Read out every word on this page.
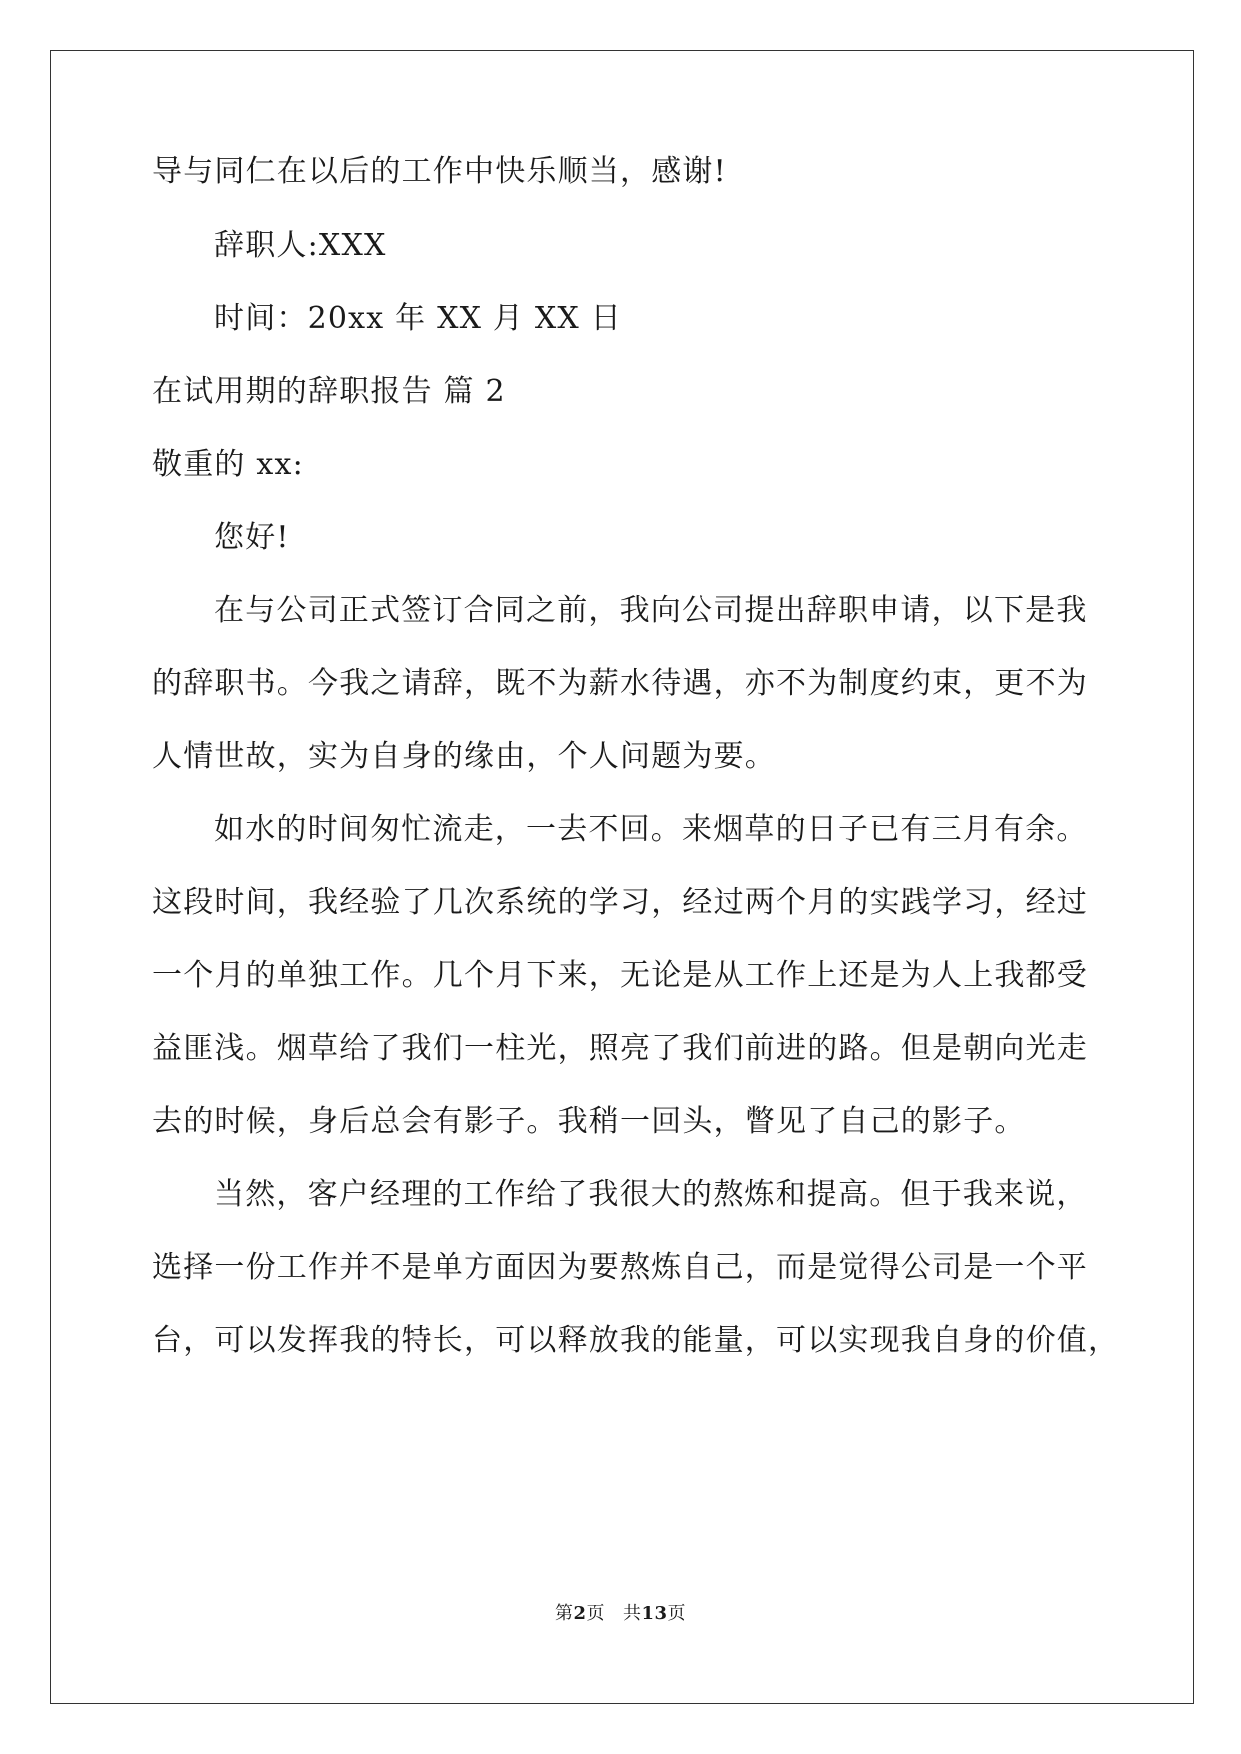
导与同仁在以后的工作中快乐顺当，感谢!
辞职人:XXX
时间：20xx 年 XX 月 XX 日
在试用期的辞职报告 篇 2
敬重的 xx:
您好!
在与公司正式签订合同之前，我向公司提出辞职申请，以下是我
的辞职书。今我之请辞，既不为薪水待遇，亦不为制度约束，更不为
人情世故，实为自身的缘由，个人问题为要。
如水的时间匆忙流走，一去不回。来烟草的日子已有三月有余。
这段时间，我经验了几次系统的学习，经过两个月的实践学习，经过
一个月的单独工作。几个月下来，无论是从工作上还是为人上我都受
益匪浅。烟草给了我们一柱光，照亮了我们前进的路。但是朝向光走
去的时候，身后总会有影子。我稍一回头，瞥见了自己的影子。
当然，客户经理的工作给了我很大的熬炼和提高。但于我来说，
选择一份工作并不是单方面因为要熬炼自己，而是觉得公司是一个平
台，可以发挥我的特长，可以释放我的能量，可以实现我自身的价值，
第2页 共13页
